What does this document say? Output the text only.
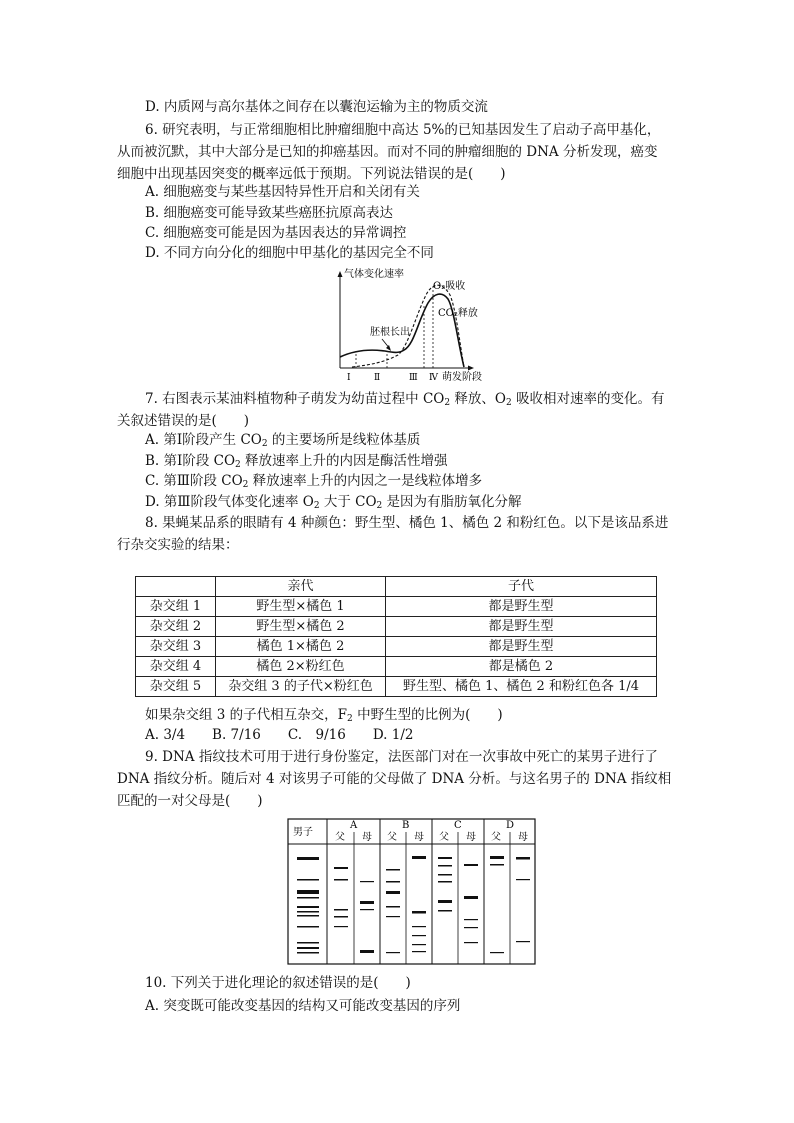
D. 内质网与高尔基体之间存在以囊泡运输为主的物质交流
6. 研究表明，与正常细胞相比肿瘤细胞中高达 5%的已知基因发生了启动子高甲基化，
从而被沉默，其中大部分是已知的抑癌基因。而对不同的肿瘤细胞的 DNA 分析发现，癌变
细胞中出现基因突变的概率远低于预期。下列说法错误的是(　　)
A. 细胞癌变与某些基因特异性开启和关闭有关
B. 细胞癌变可能导致某些癌胚抗原高表达
C. 细胞癌变可能是因为基因表达的异常调控
D. 不同方向分化的细胞中甲基化的基因完全不同
气体变化速率
O₂吸收
CO₂释放
胚根长出
Ⅰ	Ⅱ	Ⅲ Ⅳ 萌发阶段
7. 右图表示某油料植物种子萌发为幼苗过程中 $CO_2$ 释放、$O_2$ 吸收相对速率的变化。有
关叙述错误的是(　　)
A. 第Ⅰ阶段产生 $CO_2$ 的主要场所是线粒体基质
B. 第Ⅰ阶段 $CO_2$ 释放速率上升的内因是酶活性增强
C. 第Ⅲ阶段 $CO_2$ 释放速率上升的内因之一是线粒体增多
D. 第Ⅲ阶段气体变化速率 $O_2$ 大于 $CO_2$ 是因为有脂肪氧化分解
8. 果蝇某品系的眼睛有 4 种颜色：野生型、橘色 1、橘色 2 和粉红色。以下是该品系进
行杂交实验的结果：
	亲代	子代
杂交组 1	野生型×橘色 1	都是野生型
杂交组 2	野生型×橘色 2	都是野生型
杂交组 3	橘色 1×橘色 2	都是野生型
杂交组 4	橘色 2×粉红色	都是橘色 2
杂交组 5	杂交组 3 的子代×粉红色	野生型、橘色 1、橘色 2 和粉红色各 1/4
如果杂交组 3 的子代相互杂交，$F_2$ 中野生型的比例为(　　)
A. 3/4　　B. 7/16　　C.　9/16　　D. 1/2
9. DNA 指纹技术可用于进行身份鉴定，法医部门对在一次事故中死亡的某男子进行了
DNA 指纹分析。随后对 4 对该男子可能的父母做了 DNA 分析。与这名男子的 DNA 指纹相
匹配的一对父母是(　　)
男子
A	B	C	D
父 母 父 母 父 母 父 母
10. 下列关于进化理论的叙述错误的是(　　)
A. 突变既可能改变基因的结构又可能改变基因的序列
